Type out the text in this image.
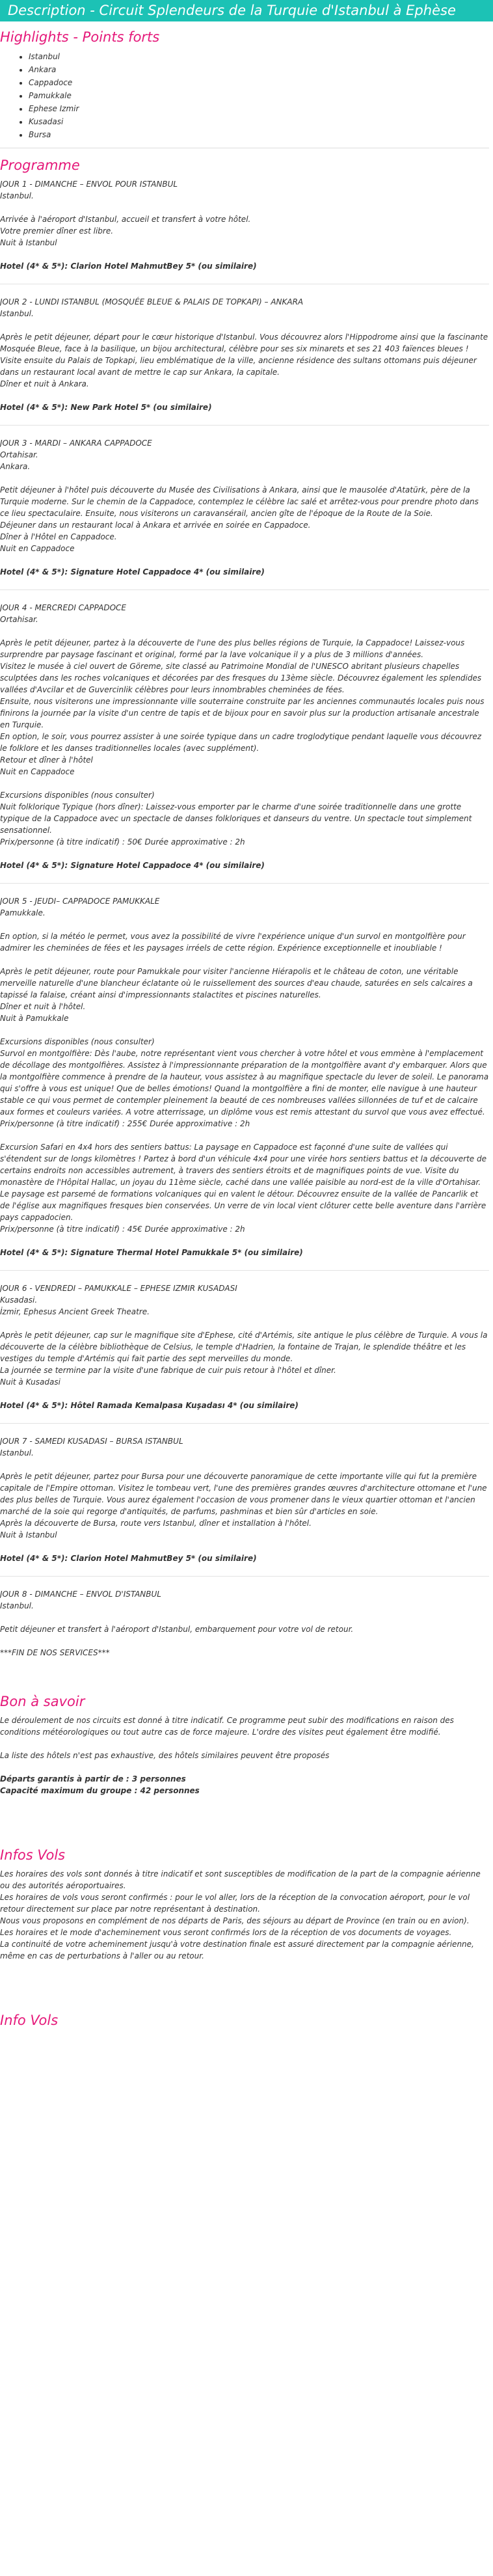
Description - Circuit Splendeurs de la Turquie d'Istanbul à Ephèse
Highlights - Points forts
• Istanbul
• Ankara
• Cappadoce
• Pamukkale
• Ephese Izmir
• Kusadasi
• Bursa
Programme
JOUR 1 - DIMANCHE – ENVOL POUR ISTANBUL
Istanbul.
Arrivée à l'aéroport d'Istanbul, accueil et transfert à votre hôtel.
Votre premier dîner est libre.
Nuit à Istanbul
Hotel (4* & 5*): Clarion Hotel MahmutBey 5* (ou similaire)
JOUR 2 - LUNDI ISTANBUL (MOSQUÉE BLEUE & PALAIS DE TOPKAPI) – ANKARA
Istanbul.
Après le petit déjeuner, départ pour le cœur historique d'Istanbul. Vous découvrez alors l'Hippodrome ainsi que la fascinante Mosquée Bleue, face à la basilique, un bijou architectural, célèbre pour ses six minarets et ses 21 403 faïences bleues !
Visite ensuite du Palais de Topkapi, lieu emblématique de la ville, ancienne résidence des sultans ottomans puis déjeuner dans un restaurant local avant de mettre le cap sur Ankara, la capitale.
Dîner et nuit à Ankara.
Hotel (4* & 5*): New Park Hotel 5* (ou similaire)
JOUR 3 - MARDI – ANKARA CAPPADOCE
Ortahisar.
Ankara.
Petit déjeuner à l'hôtel puis découverte du Musée des Civilisations à Ankara, ainsi que le mausolée d'Atatürk, père de la Turquie moderne. Sur le chemin de la Cappadoce, contemplez le célèbre lac salé et arrêtez-vous pour prendre photo dans ce lieu spectaculaire. Ensuite, nous visiterons un caravansérail, ancien gîte de l'époque de la Route de la Soie.
Déjeuner dans un restaurant local à Ankara et arrivée en soirée en Cappadoce.
Dîner à l'Hôtel en Cappadoce.
Nuit en Cappadoce
Hotel (4* & 5*): Signature Hotel Cappadoce 4* (ou similaire)
JOUR 4 - MERCREDI CAPPADOCE
Ortahisar.
Après le petit déjeuner, partez à la découverte de l'une des plus belles régions de Turquie, la Cappadoce! Laissez-vous surprendre par paysage fascinant et original, formé par la lave volcanique il y a plus de 3 millions d'années.
Visitez le musée à ciel ouvert de Göreme, site classé au Patrimoine Mondial de l'UNESCO abritant plusieurs chapelles sculptées dans les roches volcaniques et décorées par des fresques du 13ème siècle. Découvrez également les splendides vallées d'Avcilar et de Guvercinlik célèbres pour leurs innombrables cheminées de fées.
Ensuite, nous visiterons une impressionnante ville souterraine construite par les anciennes communautés locales puis nous finirons la journée par la visite d'un centre de tapis et de bijoux pour en savoir plus sur la production artisanale ancestrale en Turquie.
En option, le soir, vous pourrez assister à une soirée typique dans un cadre troglodytique pendant laquelle vous découvrez le folklore et les danses traditionnelles locales (avec supplément).
Retour et dîner à l'hôtel
Nuit en Cappadoce
Excursions disponibles (nous consulter)
Nuit folklorique Typique (hors dîner): Laissez-vous emporter par le charme d'une soirée traditionnelle dans une grotte typique de la Cappadoce avec un spectacle de danses folkloriques et danseurs du ventre. Un spectacle tout simplement sensationnel.
Prix/personne (à titre indicatif) : 50€ Durée approximative : 2h
Hotel (4* & 5*): Signature Hotel Cappadoce 4* (ou similaire)
JOUR 5 - JEUDI– CAPPADOCE PAMUKKALE
Pamukkale.
En option, si la météo le permet, vous avez la possibilité de vivre l'expérience unique d'un survol en montgolfière pour admirer les cheminées de fées et les paysages irréels de cette région. Expérience exceptionnelle et inoubliable !
Après le petit déjeuner, route pour Pamukkale pour visiter l'ancienne Hiérapolis et le château de coton, une véritable merveille naturelle d'une blancheur éclatante où le ruissellement des sources d'eau chaude, saturées en sels calcaires a tapissé la falaise, créant ainsi d'impressionnants stalactites et piscines naturelles.
Dîner et nuit à l'hôtel.
Nuit à Pamukkale
Excursions disponibles (nous consulter)
Survol en montgolfière: Dès l'aube, notre représentant vient vous chercher à votre hôtel et vous emmène à l'emplacement de décollage des montgolfières. Assistez à l'impressionnante préparation de la montgolfière avant d'y embarquer. Alors que la montgolfière commence à prendre de la hauteur, vous assistez à au magnifique spectacle du lever de soleil. Le panorama qui s'offre à vous est unique! Que de belles émotions! Quand la montgolfière a fini de monter, elle navigue à une hauteur stable ce qui vous permet de contempler pleinement la beauté de ces nombreuses vallées sillonnées de tuf et de calcaire aux formes et couleurs variées. A votre atterrissage, un diplôme vous est remis attestant du survol que vous avez effectué.
Prix/personne (à titre indicatif) : 255€ Durée approximative : 2h
Excursion Safari en 4x4 hors des sentiers battus: La paysage en Cappadoce est façonné d'une suite de vallées qui s'étendent sur de longs kilomètres ! Partez à bord d'un véhicule 4x4 pour une virée hors sentiers battus et la découverte de certains endroits non accessibles autrement, à travers des sentiers étroits et de magnifiques points de vue. Visite du monastère de l'Hôpital Hallac, un joyau du 11ème siècle, caché dans une vallée paisible au nord-est de la ville d'Ortahisar. Le paysage est parsemé de formations volcaniques qui en valent le détour. Découvrez ensuite de la vallée de Pancarlik et de l'église aux magnifiques fresques bien conservées. Un verre de vin local vient clôturer cette belle aventure dans l'arrière pays cappadocien.
Prix/personne (à titre indicatif) : 45€ Durée approximative : 2h
Hotel (4* & 5*): Signature Thermal Hotel Pamukkale 5* (ou similaire)
JOUR 6 - VENDREDI – PAMUKKALE – EPHESE IZMIR KUSADASI
Kusadasi.
İzmir, Ephesus Ancient Greek Theatre.
Après le petit déjeuner, cap sur le magnifique site d'Ephese, cité d'Artémis, site antique le plus célèbre de Turquie. A vous la découverte de la célèbre bibliothèque de Celsius, le temple d'Hadrien, la fontaine de Trajan, le splendide théâtre et les vestiges du temple d'Artémis qui fait partie des sept merveilles du monde.
La journée se termine par la visite d'une fabrique de cuir puis retour à l'hôtel et dîner.
Nuit à Kusadasi
Hotel (4* & 5*): Hôtel Ramada Kemalpasa Kuşadası 4* (ou similaire)
JOUR 7 - SAMEDI KUSADASI – BURSA ISTANBUL
Istanbul.
Après le petit déjeuner, partez pour Bursa pour une découverte panoramique de cette importante ville qui fut la première capitale de l'Empire ottoman. Visitez le tombeau vert, l'une des premières grandes œuvres d'architecture ottomane et l'une des plus belles de Turquie. Vous aurez également l'occasion de vous promener dans le vieux quartier ottoman et l'ancien marché de la soie qui regorge d'antiquités, de parfums, pashminas et bien sûr d'articles en soie.
Après la découverte de Bursa, route vers Istanbul, dîner et installation à l'hôtel.
Nuit à Istanbul
Hotel (4* & 5*): Clarion Hotel MahmutBey 5* (ou similaire)
JOUR 8 - DIMANCHE – ENVOL D'ISTANBUL
Istanbul.
Petit déjeuner et transfert à l'aéroport d'Istanbul, embarquement pour votre vol de retour.
***FIN DE NOS SERVICES***
Bon à savoir
Le déroulement de nos circuits est donné à titre indicatif. Ce programme peut subir des modifications en raison des conditions météorologiques ou tout autre cas de force majeure. L'ordre des visites peut également être modifié.
La liste des hôtels n'est pas exhaustive, des hôtels similaires peuvent être proposés
Départs garantis à partir de : 3 personnes
Capacité maximum du groupe : 42 personnes
Infos Vols
Les horaires des vols sont donnés à titre indicatif et sont susceptibles de modification de la part de la compagnie aérienne ou des autorités aéroportuaires.
Les horaires de vols vous seront confirmés : pour le vol aller, lors de la réception de la convocation aéroport, pour le vol retour directement sur place par notre représentant à destination.
Nous vous proposons en complément de nos départs de Paris, des séjours au départ de Province (en train ou en avion).
Les horaires et le mode d'acheminement vous seront confirmés lors de la réception de vos documents de voyages.
La continuité de votre acheminement jusqu'à votre destination finale est assuré directement par la compagnie aérienne, même en cas de perturbations à l'aller ou au retour.
Info Vols
